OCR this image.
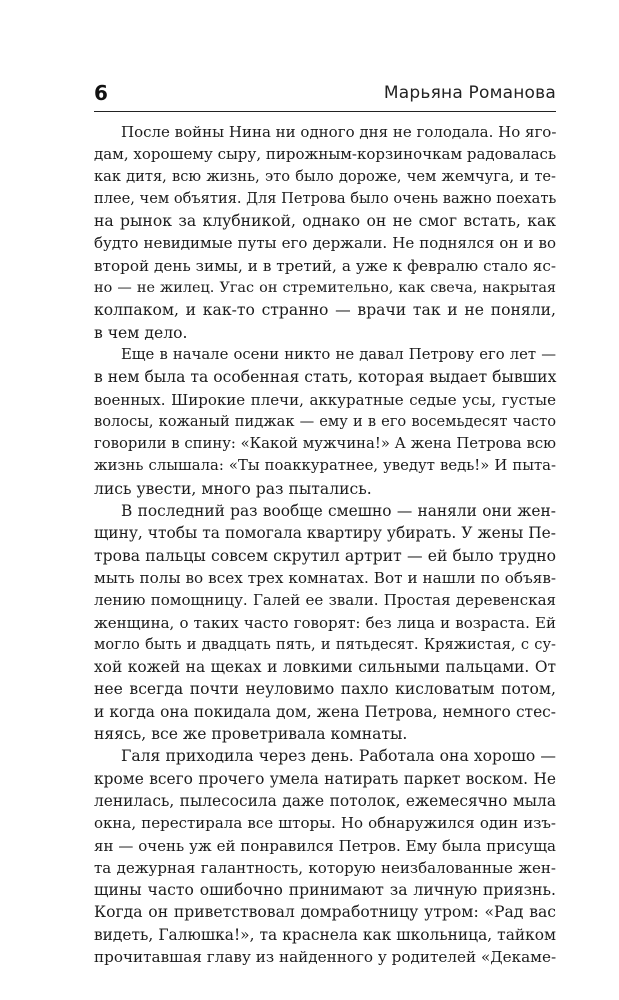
6	Марьяна Романова
После войны Нина ни одного дня не голодала. Но яго-
дам, хорошему сыру, пирожным-корзиночкам радовалась
как дитя, всю жизнь, это было дороже, чем жемчуга, и те-
плее, чем объятия. Для Петрова было очень важно поехать
на рынок за клубникой, однако он не смог встать, как
будто невидимые путы его держали. Не поднялся он и во
второй день зимы, и в третий, а уже к февралю стало яс-
но — не жилец. Угас он стремительно, как свеча, накрытая
колпаком, и как-то странно — врачи так и не поняли,
в чем дело.
Еще в начале осени никто не давал Петрову его лет —
в нем была та особенная стать, которая выдает бывших
военных. Широкие плечи, аккуратные седые усы, густые
волосы, кожаный пиджак — ему и в его восемьдесят часто
говорили в спину: «Какой мужчина!» А жена Петрова всю
жизнь слышала: «Ты поаккуратнее, уведут ведь!» И пыта-
лись увести, много раз пытались.
В последний раз вообще смешно — наняли они жен-
щину, чтобы та помогала квартиру убирать. У жены Пе-
трова пальцы совсем скрутил артрит — ей было трудно
мыть полы во всех трех комнатах. Вот и нашли по объяв-
лению помощницу. Галей ее звали. Простая деревенская
женщина, о таких часто говорят: без лица и возраста. Ей
могло быть и двадцать пять, и пятьдесят. Кряжистая, с су-
хой кожей на щеках и ловкими сильными пальцами. От
нее всегда почти неуловимо пахло кисловатым потом,
и когда она покидала дом, жена Петрова, немного стес-
няясь, все же проветривала комнаты.
Галя приходила через день. Работала она хорошо —
кроме всего прочего умела натирать паркет воском. Не
ленилась, пылесосила даже потолок, ежемесячно мыла
окна, перестирала все шторы. Но обнаружился один изъ-
ян — очень уж ей понравился Петров. Ему была присуща
та дежурная галантность, которую неизбалованные жен-
щины часто ошибочно принимают за личную приязнь.
Когда он приветствовал домработницу утром: «Рад вас
видеть, Галюшка!», та краснела как школьница, тайком
прочитавшая главу из найденного у родителей «Декаме-
